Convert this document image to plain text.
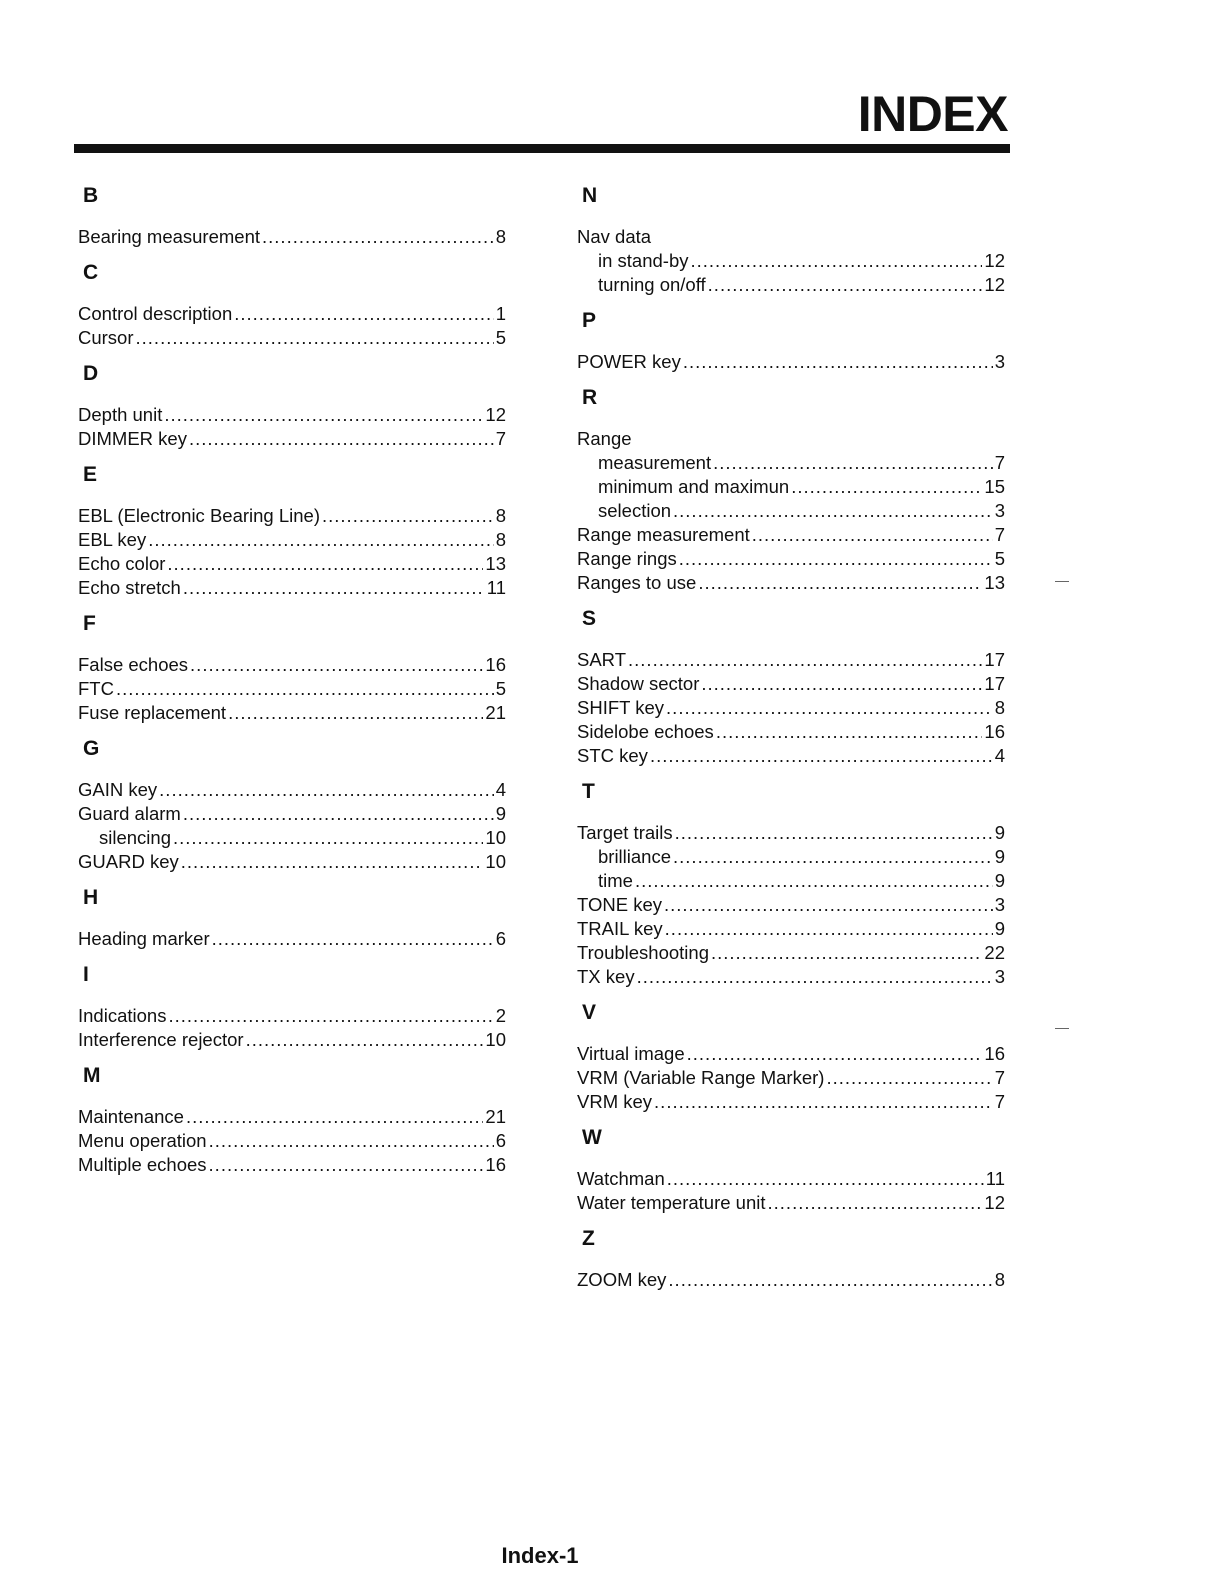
INDEX
B
Bearing measurement .....	8
C
Control description .....	1
Cursor .....	5
D
Depth unit .....	12
DIMMER key .....	7
E
EBL (Electronic Bearing Line) .....	8
EBL key .....	8
Echo color .....	13
Echo stretch .....	11
F
False echoes .....	16
FTC .....	5
Fuse replacement .....	21
G
GAIN key .....	4
Guard alarm .....	9
silencing .....	10
GUARD key .....	10
H
Heading marker .....	6
I
Indications .....	2
Interference rejector .....	10
M
Maintenance .....	21
Menu operation .....	6
Multiple echoes .....	16
N
Nav data
in stand-by .....	12
turning on/off .....	12
P
POWER key .....	3
R
Range
measurement .....	7
minimum and maximun .....	15
selection .....	3
Range measurement .....	7
Range rings .....	5
Ranges to use .....	13
S
SART .....	17
Shadow sector .....	17
SHIFT key .....	8
Sidelobe echoes .....	16
STC key .....	4
T
Target trails .....	9
brilliance .....	9
time .....	9
TONE key .....	3
TRAIL key .....	9
Troubleshooting .....	22
TX key .....	3
V
Virtual image .....	16
VRM (Variable Range Marker) .....	7
VRM key .....	7
W
Watchman .....	11
Water temperature unit .....	12
Z
ZOOM key .....	8
Index-1
